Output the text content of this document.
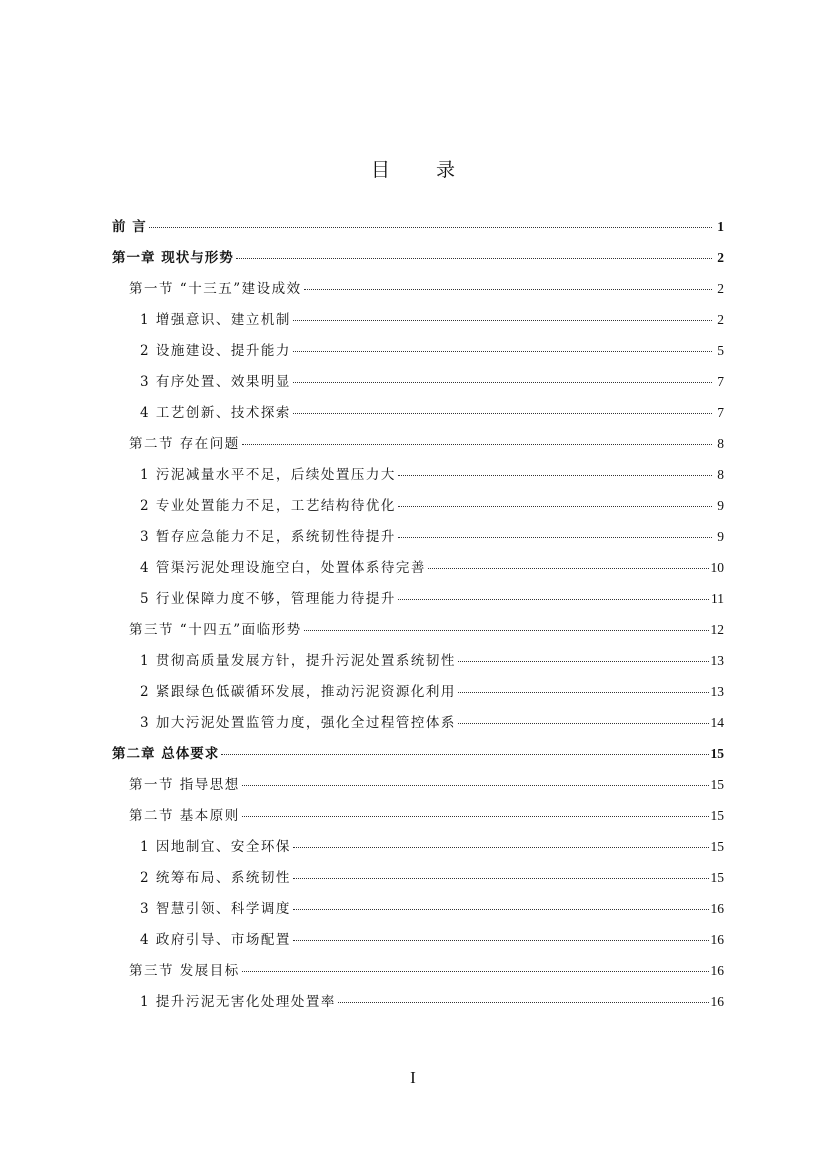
目 录
前 言	1
第一章 现状与形势	2
第一节 “十三五”建设成效	2
1 增强意识、建立机制	2
2 设施建设、提升能力	5
3 有序处置、效果明显	7
4 工艺创新、技术探索	7
第二节 存在问题	8
1 污泥减量水平不足，后续处置压力大	8
2 专业处置能力不足，工艺结构待优化	9
3 暂存应急能力不足，系统韧性待提升	9
4 管渠污泥处理设施空白，处置体系待完善	10
5 行业保障力度不够，管理能力待提升	11
第三节 “十四五”面临形势	12
1 贯彻高质量发展方针，提升污泥处置系统韧性	13
2 紧跟绿色低碳循环发展，推动污泥资源化利用	13
3 加大污泥处置监管力度，强化全过程管控体系	14
第二章 总体要求	15
第一节 指导思想	15
第二节 基本原则	15
1 因地制宜、安全环保	15
2 统筹布局、系统韧性	15
3 智慧引领、科学调度	16
4 政府引导、市场配置	16
第三节 发展目标	16
1 提升污泥无害化处理处置率	16
I
